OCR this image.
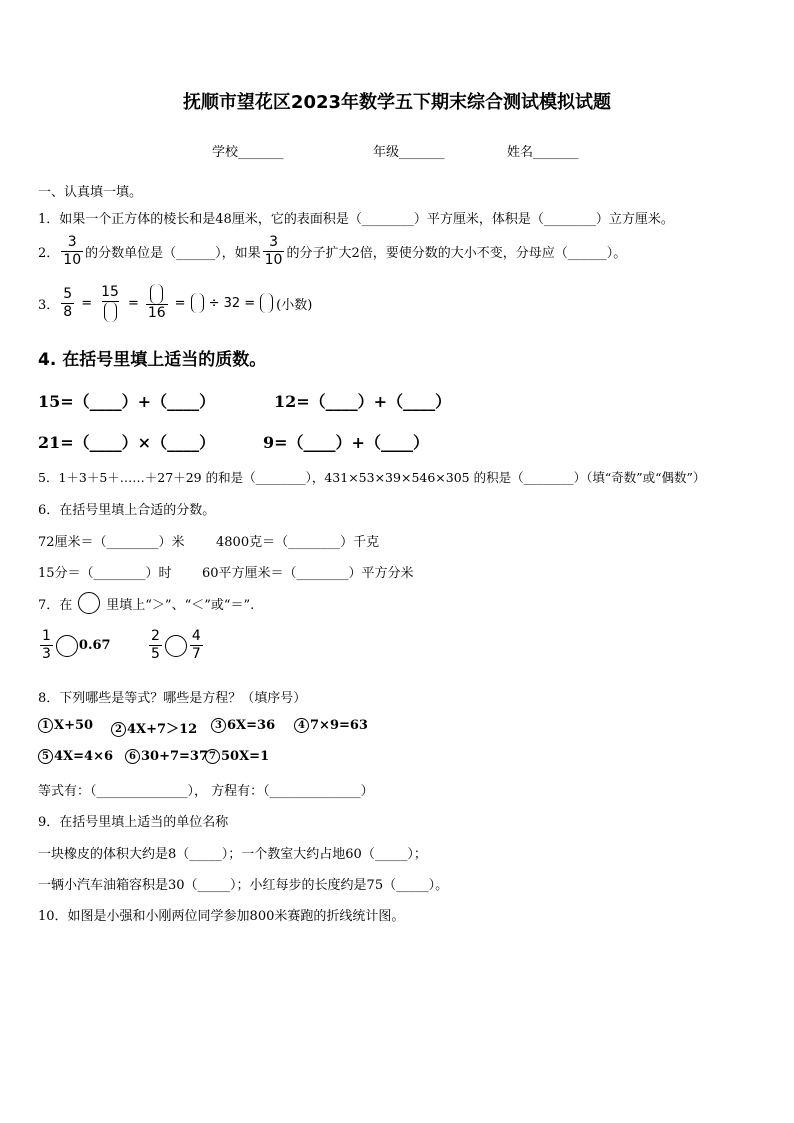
抚顺市望花区2023年数学五下期末综合测试模拟试题
学校_______	年级_______	姓名_______
一、认真填一填。
1．如果一个正方体的棱长和是48厘米，它的表面积是（________）平方厘米，体积是（________）立方厘米。
2． $\frac{3}{10}$ 的分数单位是（______），如果 $\frac{3}{10}$ 的分子扩大2倍，要使分数的大小不变，分母应（______）。
3． $\frac{5}{8}$ =
15
=
16
= ÷ 32 = (小数)
4. 在括号里填上适当的质数。
15=（____）+（____）	12=（____）+（____）
21=（____）×（____）	9=（____）+（____）
5．1＋3＋5＋……＋27＋29 的和是（________），431×53×39×546×305 的积是（________）（填“奇数”或“偶数”）
6．在括号里填上合适的分数。
72厘米＝（________）米 4800克＝（________）千克
15分＝（________）时 60平方厘米＝（________）平方分米
7．在	里填上“＞”、“＜”或“＝”.
$\frac{1}{3} 0.67$	$\frac{2}{5} \frac{4}{7}$
8．下列哪些是等式？哪些是方程？（填序号）
1 X+50	2 4X+7＞12	3 6X=36	4 7×9=63
5 4X=4×6	6 30+7=37 7 50X=1
等式有：（______________）， 方程有：（______________）
9．在括号里填上适当的单位名称
一块橡皮的体积大约是8（_____）；一个教室大约占地60（_____）；
一辆小汽车油箱容积是30（_____）；小红每步的长度约是75（_____）。
10．如图是小强和小刚两位同学参加800米赛跑的折线统计图。
